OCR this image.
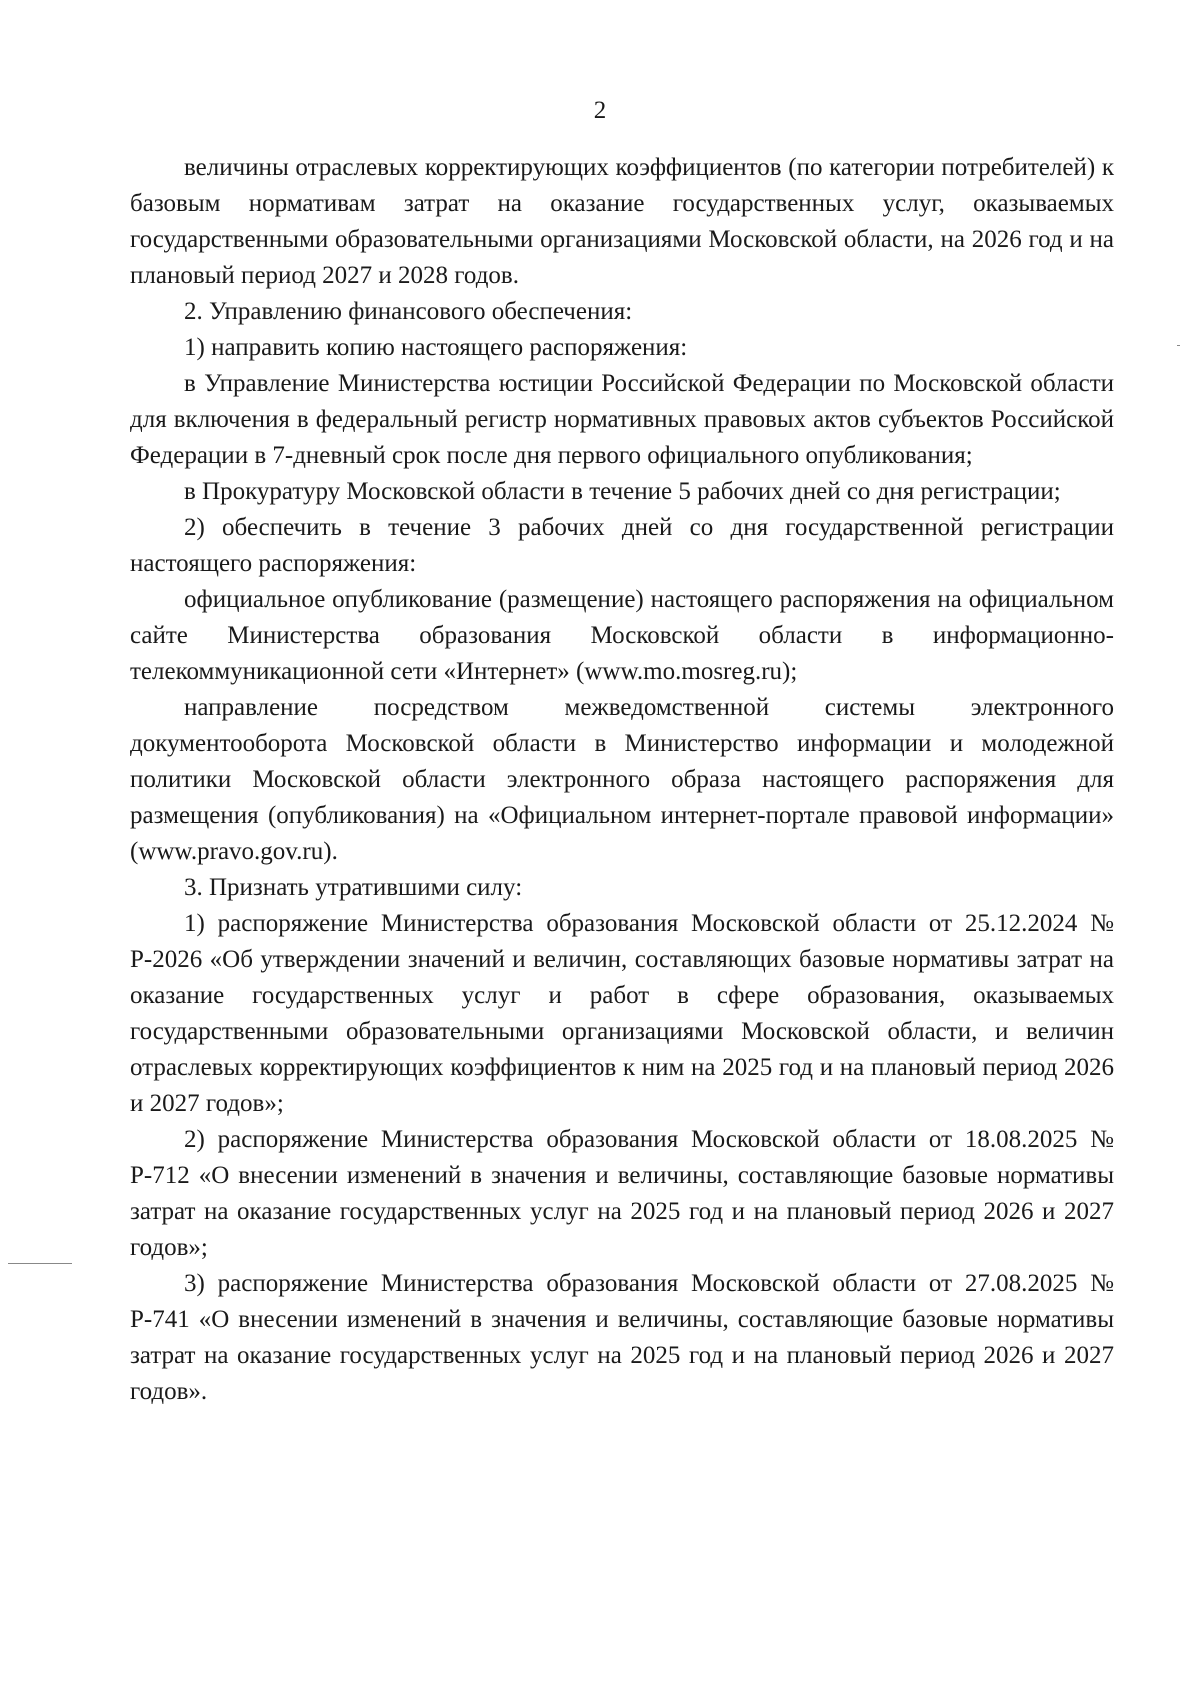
2

величины отраслевых корректирующих коэффициентов (по категории потребителей) к базовым нормативам затрат на оказание государственных услуг, оказываемых государственными образовательными организациями Московской области, на 2026 год и на плановый период 2027 и 2028 годов.

2. Управлению финансового обеспечения:

1) направить копию настоящего распоряжения:

в Управление Министерства юстиции Российской Федерации по Московской области для включения в федеральный регистр нормативных правовых актов субъектов Российской Федерации в 7-дневный срок после дня первого официального опубликования;

в Прокуратуру Московской области в течение 5 рабочих дней со дня регистрации;

2) обеспечить в течение 3 рабочих дней со дня государственной регистрации настоящего распоряжения:

официальное опубликование (размещение) настоящего распоряжения на официальном сайте Министерства образования Московской области в информационно-телекоммуникационной сети «Интернет» (www.mo.mosreg.ru);

направление посредством межведомственной системы электронного документооборота Московской области в Министерство информации и молодежной политики Московской области электронного образа настоящего распоряжения для размещения (опубликования) на «Официальном интернет-портале правовой информации» (www.pravo.gov.ru).

3. Признать утратившими силу:

1) распоряжение Министерства образования Московской области от 25.12.2024 № Р-2026 «Об утверждении значений и величин, составляющих базовые нормативы затрат на оказание государственных услуг и работ в сфере образования, оказываемых государственными образовательными организациями Московской области, и величин отраслевых корректирующих коэффициентов к ним на 2025 год и на плановый период 2026 и 2027 годов»;

2) распоряжение Министерства образования Московской области от 18.08.2025 № Р-712 «О внесении изменений в значения и величины, составляющие базовые нормативы затрат на оказание государственных услуг на 2025 год и на плановый период 2026 и 2027 годов»;

3) распоряжение Министерства образования Московской области от 27.08.2025 № Р-741 «О внесении изменений в значения и величины, составляющие базовые нормативы затрат на оказание государственных услуг на 2025 год и на плановый период 2026 и 2027 годов».
